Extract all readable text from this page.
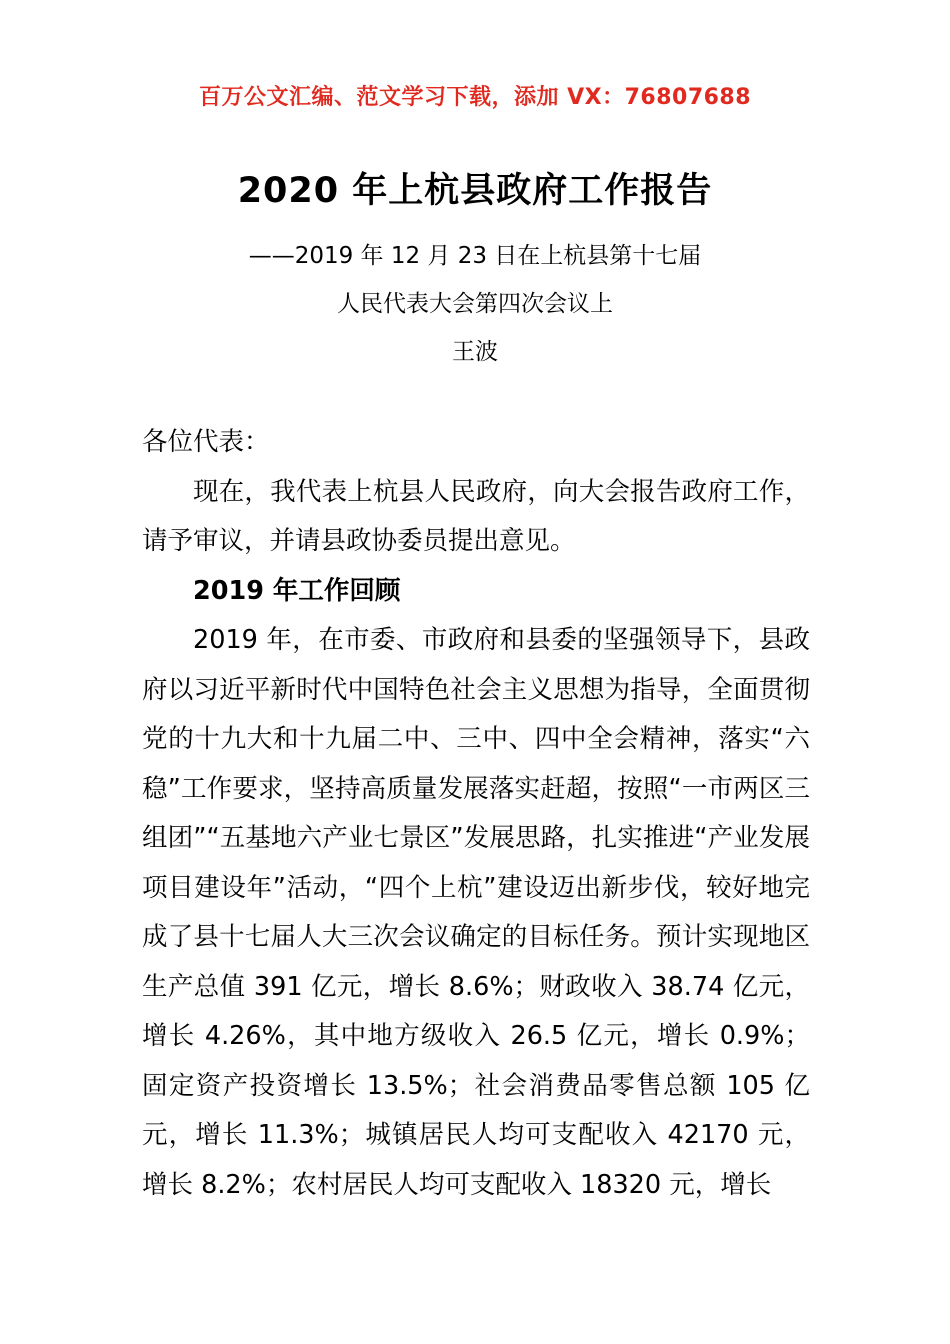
百万公文汇编、范文学习下载，添加 VX：76807688
2020 年上杭县政府工作报告

——2019 年 12 月 23 日在上杭县第十七届

人民代表大会第四次会议上

王波

各位代表：

现在，我代表上杭县人民政府，向大会报告政府工作，请予审议，并请县政协委员提出意见。

2019 年工作回顾

2019 年，在市委、市政府和县委的坚强领导下，县政府以习近平新时代中国特色社会主义思想为指导，全面贯彻党的十九大和十九届二中、三中、四中全会精神，落实“六稳”工作要求，坚持高质量发展落实赶超，按照“一市两区三组团”“五基地六产业七景区”发展思路，扎实推进“产业发展项目建设年”活动，“四个上杭”建设迈出新步伐，较好地完成了县十七届人大三次会议确定的目标任务。预计实现地区生产总值 391 亿元，增长 8.6%；财政收入 38.74 亿元，增长 4.26%，其中地方级收入 26.5 亿元，增长 0.9%；固定资产投资增长 13.5%；社会消费品零售总额 105 亿元，增长 11.3%；城镇居民人均可支配收入 42170 元，增长 8.2%；农村居民人均可支配收入 18320 元，增长
